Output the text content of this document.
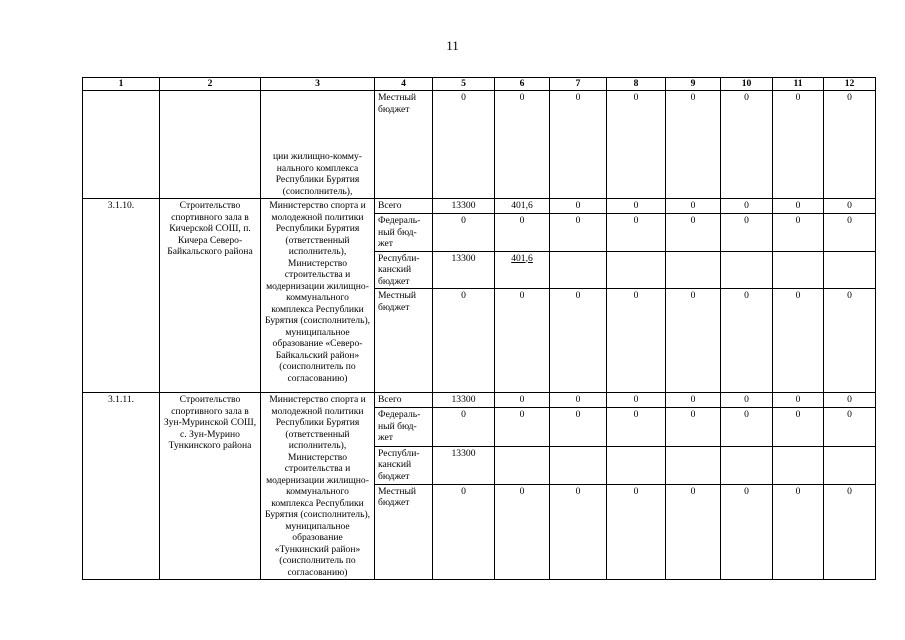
11
1	2	3	4	5	6	7	8	9	10	11	12
		ции жилищно-комму-нального комплекса Республики Бурятия (соисполнитель),	Местный бюджет	0	0	0	0	0	0	0	0
3.1.10.	Строительство спортивного зала в Кичерской СОШ, п. Кичера Северо-Байкальского района	Министерство спорта и молодежной политики Республики Бурятия (ответственный исполнитель), Министерство строительства и модернизации жилищно-коммунального комплекса Республики Бурятия (соисполнитель), муниципальное образование «Северо-Байкальский район» (соисполнитель по согласованию)	Всего	13300	401,6	0	0	0	0	0	0
			Федераль-ный бюд-жет	0	0	0	0	0	0	0	0
			Республи-канский бюджет	13300	401,6						
			Местный бюджет	0	0	0	0	0	0	0	0
3.1.11.	Строительство спортивного зала в Зун-Муринской СОШ, с. Зун-Мурино Тункинского района	Министерство спорта и молодежной политики Республики Бурятия (ответственный исполнитель), Министерство строительства и модернизации жилищно-коммунального комплекса Республики Бурятия (соисполнитель), муниципальное образование «Тункинский район» (соисполнитель по согласованию)	Всего	13300	0	0	0	0	0	0	0
			Федераль-ный бюд-жет	0	0	0	0	0	0	0	0
			Республи-канский бюджет	13300							
			Местный бюджет	0	0	0	0	0	0	0	0
